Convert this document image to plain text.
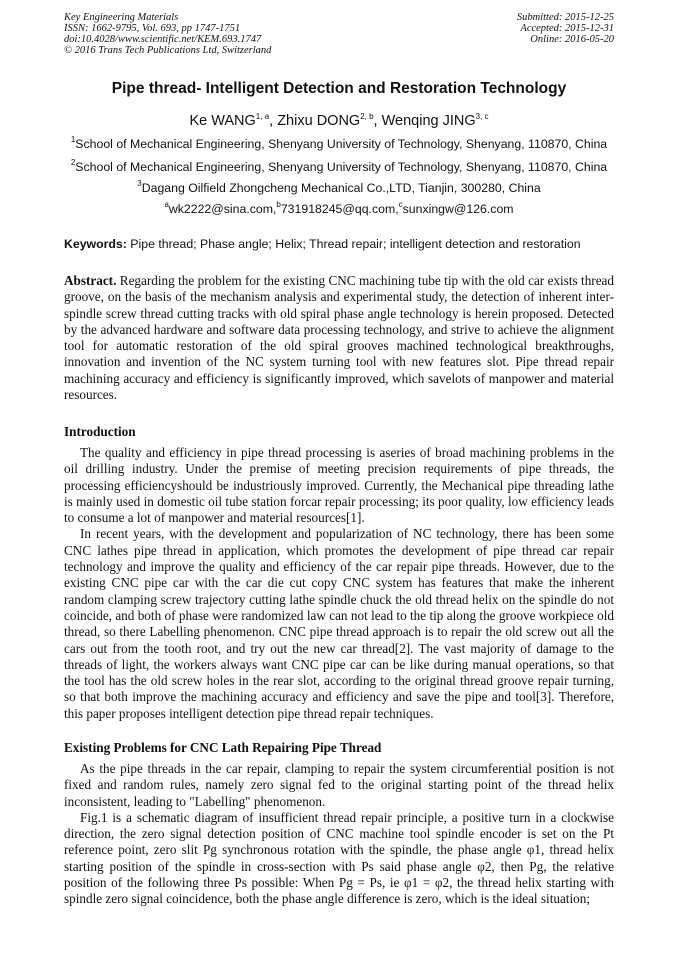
Key Engineering Materials
ISSN: 1662-9795, Vol. 693, pp 1747-1751
doi:10.4028/www.scientific.net/KEM.693.1747
© 2016 Trans Tech Publications Ltd, Switzerland
Submitted: 2015-12-25
Accepted: 2015-12-31
Online: 2016-05-20
Pipe thread- Intelligent Detection and Restoration Technology
Ke WANG$^{1, a}$, Zhixu DONG$^{2, b}$, Wenqing JING$^{3, c}$
$^1$School of Mechanical Engineering, Shenyang University of Technology, Shenyang, 110870, China
$^2$School of Mechanical Engineering, Shenyang University of Technology, Shenyang, 110870, China
$^3$Dagang Oilfield Zhongcheng Mechanical Co.,LTD, Tianjin, 300280, China
$^a$wk2222@sina.com,$^b$731918245@qq.com,$^c$sunxingw@126.com
Keywords: Pipe thread; Phase angle; Helix; Thread repair; intelligent detection and restoration

Abstract. Regarding the problem for the existing CNC machining tube tip with the old car exists thread groove, on the basis of the mechanism analysis and experimental study, the detection of inherent inter-spindle screw thread cutting tracks with old spiral phase angle technology is herein proposed. Detected by the advanced hardware and software data processing technology, and strive to achieve the alignment tool for automatic restoration of the old spiral grooves machined technological breakthroughs, innovation and invention of the NC system turning tool with new features slot. Pipe thread repair machining accuracy and efficiency is significantly improved, which savelots of manpower and material resources.

Introduction

The quality and efficiency in pipe thread processing is aseries of broad machining problems in the oil drilling industry. Under the premise of meeting precision requirements of pipe threads, the processing efficiencyshould be industriously improved. Currently, the Mechanical pipe threading lathe is mainly used in domestic oil tube station forcar repair processing; its poor quality, low efficiency leads to consume a lot of manpower and material resources[1].

In recent years, with the development and popularization of NC technology, there has been some CNC lathes pipe thread in application, which promotes the development of pipe thread car repair technology and improve the quality and efficiency of the car repair pipe threads. However, due to the existing CNC pipe car with the car die cut copy CNC system has features that make the inherent random clamping screw trajectory cutting lathe spindle chuck the old thread helix on the spindle do not coincide, and both of phase were randomized law can not lead to the tip along the groove workpiece old thread, so there Labelling phenomenon. CNC pipe thread approach is to repair the old screw out all the cars out from the tooth root, and try out the new car thread[2]. The vast majority of damage to the threads of light, the workers always want CNC pipe car can be like during manual operations, so that the tool has the old screw holes in the rear slot, according to the original thread groove repair turning, so that both improve the machining accuracy and efficiency and save the pipe and tool[3]. Therefore, this paper proposes intelligent detection pipe thread repair techniques.

Existing Problems for CNC Lath Repairing Pipe Thread

As the pipe threads in the car repair, clamping to repair the system circumferential position is not fixed and random rules, namely zero signal fed to the original starting point of the thread helix inconsistent, leading to "Labelling" phenomenon.

Fig.1 is a schematic diagram of insufficient thread repair principle, a positive turn in a clockwise direction, the zero signal detection position of CNC machine tool spindle encoder is set on the Pt reference point, zero slit Pg synchronous rotation with the spindle, the phase angle φ1, thread helix starting position of the spindle in cross-section with Ps said phase angle φ2, then Pg, the relative position of the following three Ps possible: When Pg = Ps, ie φ1 = φ2, the thread helix starting with spindle zero signal coincidence, both the phase angle difference is zero, which is the ideal situation;
